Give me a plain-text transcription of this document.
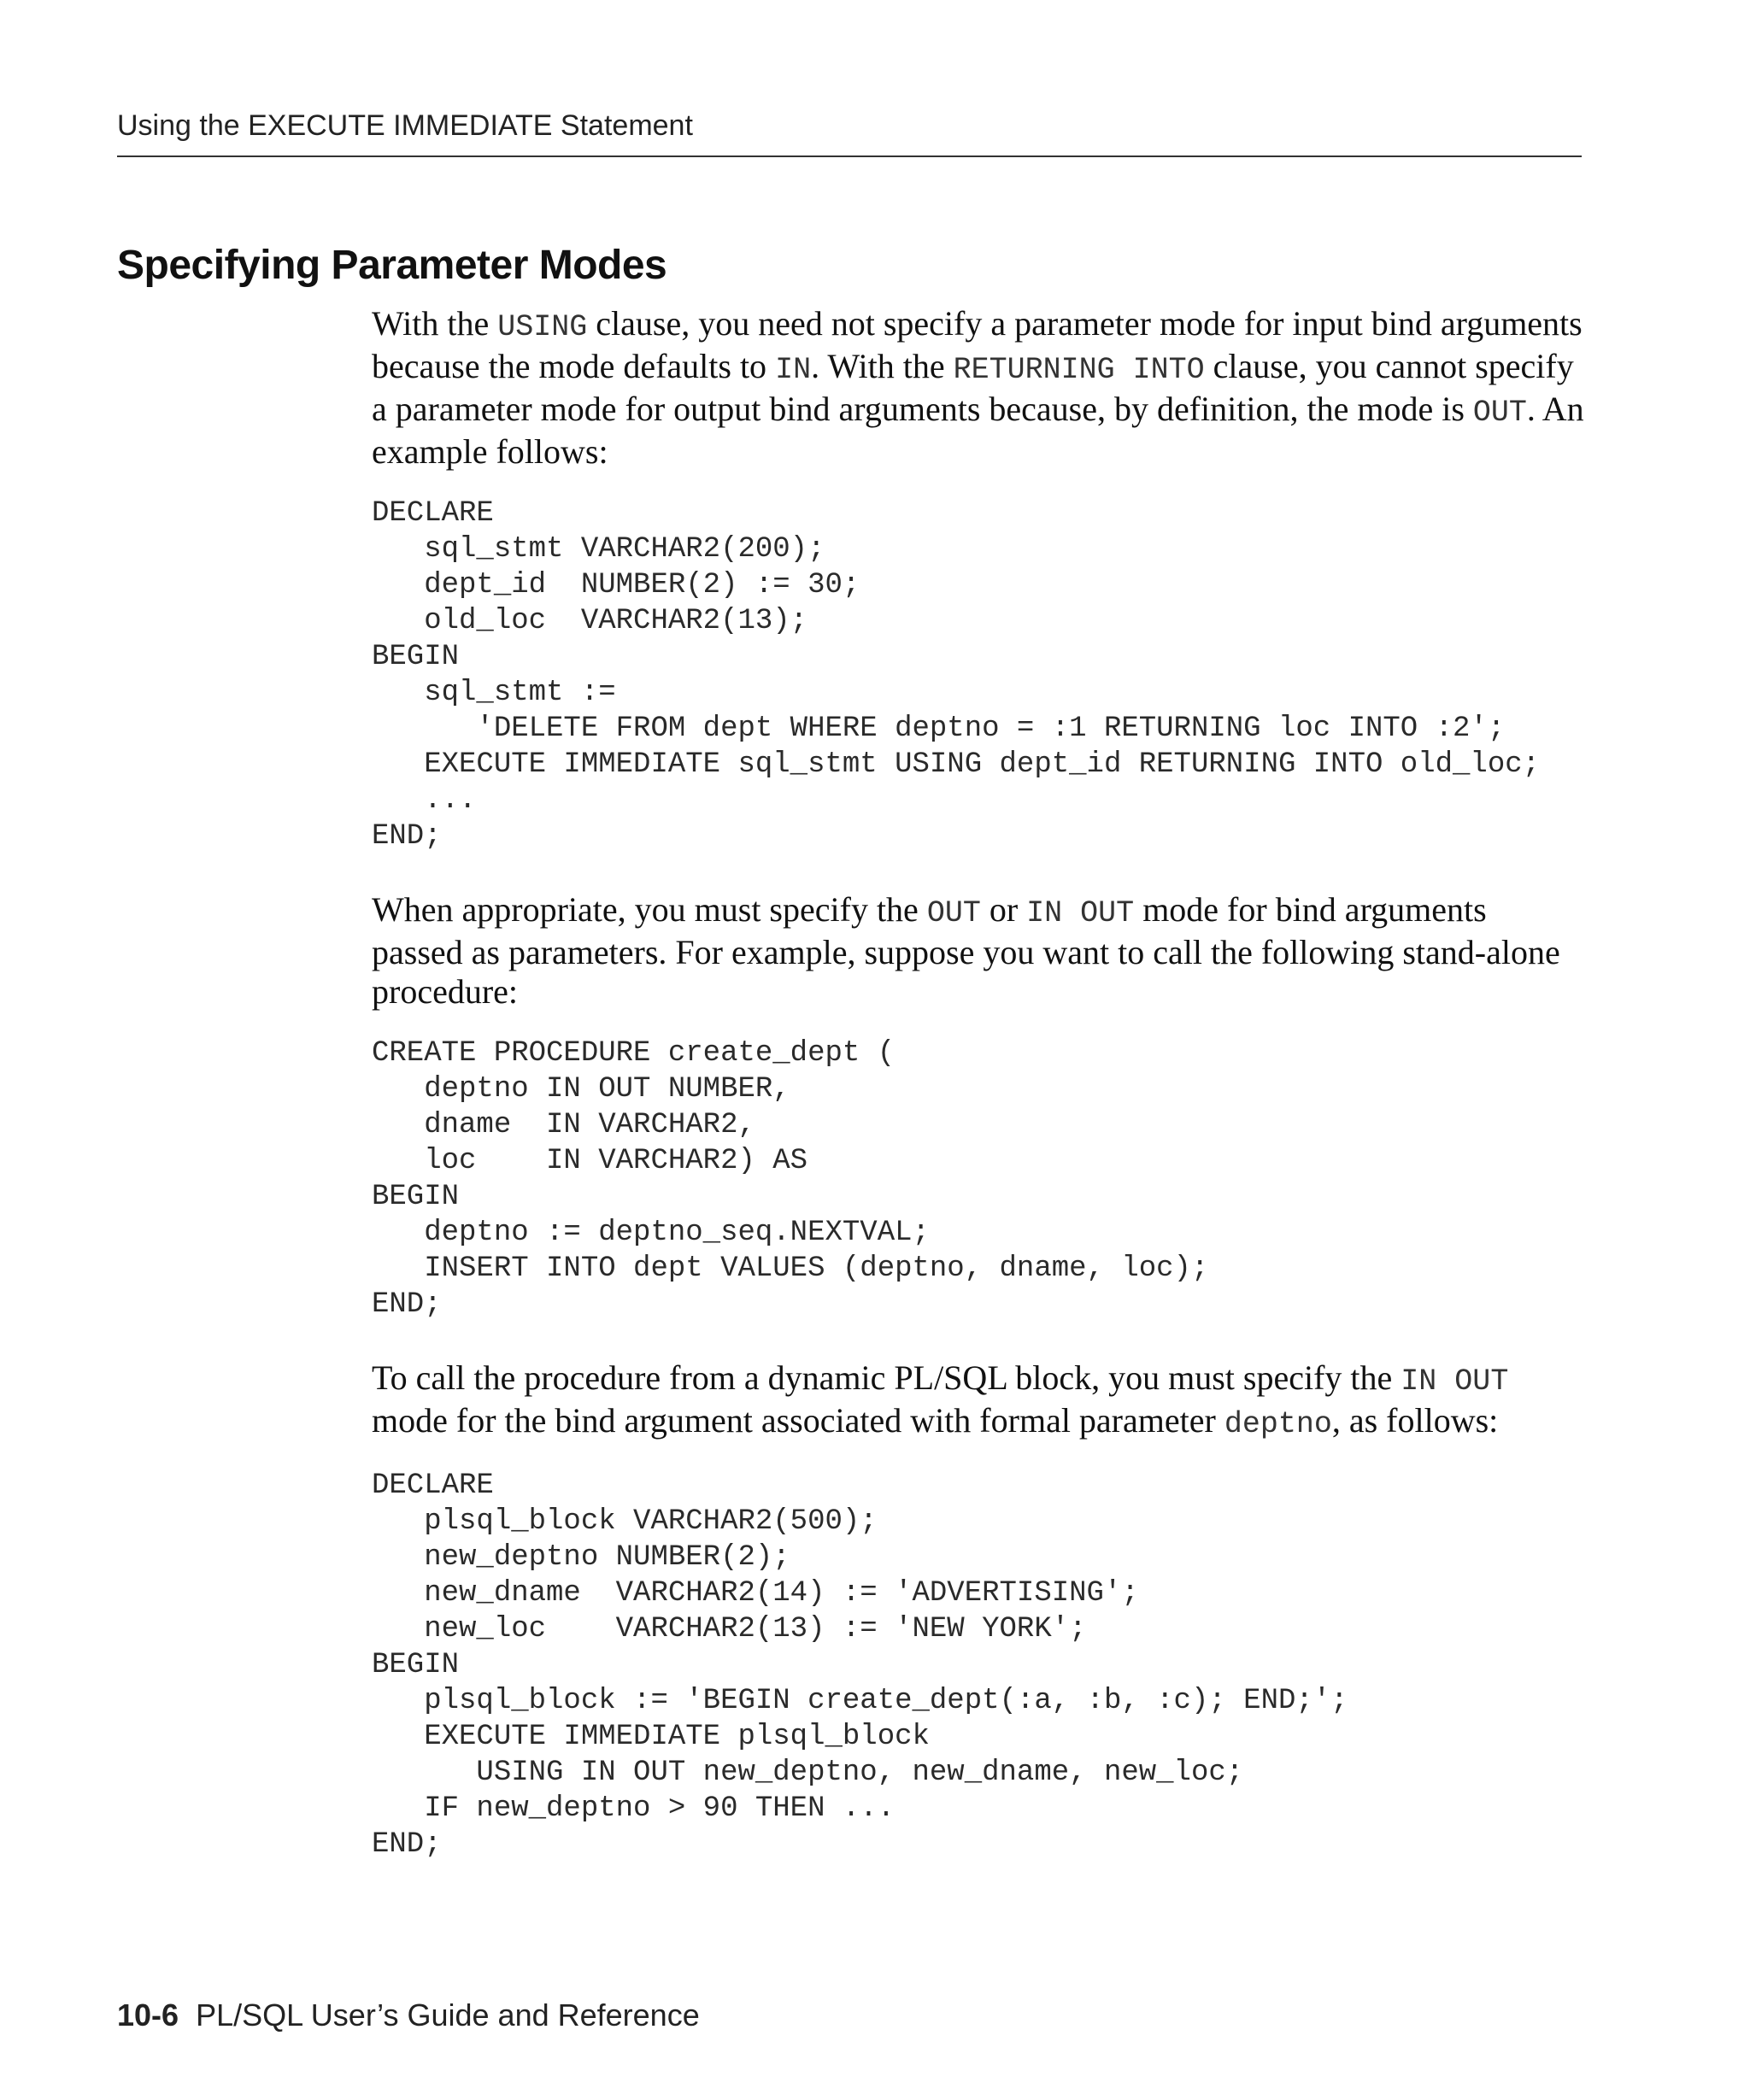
Using the EXECUTE IMMEDIATE Statement
Specifying Parameter Modes

With the USING clause, you need not specify a parameter mode for input bind arguments because the mode defaults to IN. With the RETURNING INTO clause, you cannot specify a parameter mode for output bind arguments because, by definition, the mode is OUT. An example follows:

DECLARE
sql_stmt VARCHAR2(200);
dept_id  NUMBER(2) := 30;
old_loc  VARCHAR2(13);
BEGIN
sql_stmt :=
'DELETE FROM dept WHERE deptno = :1 RETURNING loc INTO :2';
EXECUTE IMMEDIATE sql_stmt USING dept_id RETURNING INTO old_loc;
...
END;

When appropriate, you must specify the OUT or IN OUT mode for bind arguments passed as parameters. For example, suppose you want to call the following stand-alone procedure:

CREATE PROCEDURE create_dept (
deptno IN OUT NUMBER,
dname  IN VARCHAR2,
loc    IN VARCHAR2) AS
BEGIN
deptno := deptno_seq.NEXTVAL;
INSERT INTO dept VALUES (deptno, dname, loc);
END;

To call the procedure from a dynamic PL/SQL block, you must specify the IN OUT mode for the bind argument associated with formal parameter deptno, as follows:

DECLARE
plsql_block VARCHAR2(500);
new_deptno NUMBER(2);
new_dname  VARCHAR2(14) := 'ADVERTISING';
new_loc    VARCHAR2(13) := 'NEW YORK';
BEGIN
plsql_block := 'BEGIN create_dept(:a, :b, :c); END;';
EXECUTE IMMEDIATE plsql_block
USING IN OUT new_deptno, new_dname, new_loc;
IF new_deptno > 90 THEN ...
END;
10-6 PL/SQL User’s Guide and Reference
